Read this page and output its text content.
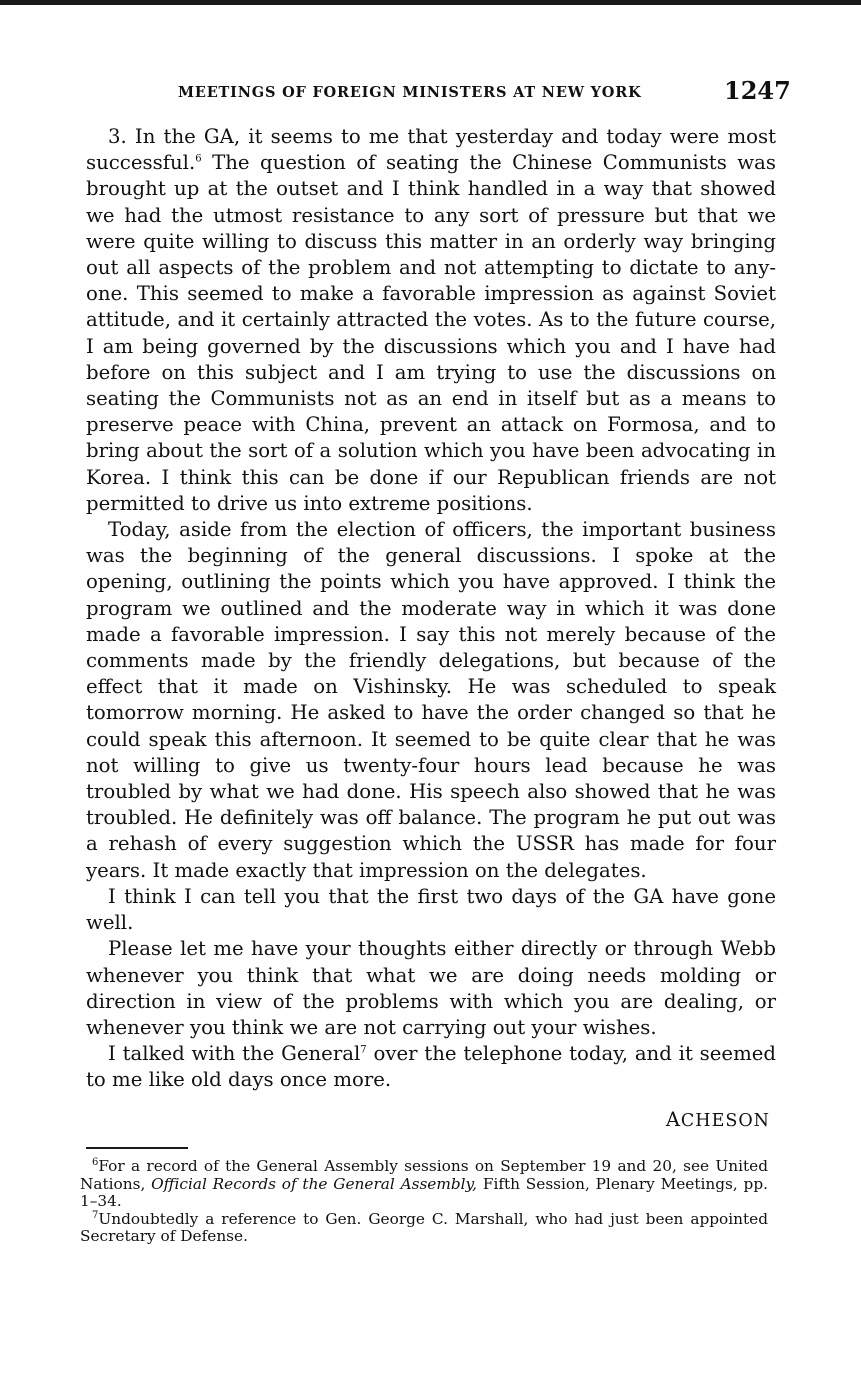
MEETINGS OF FOREIGN MINISTERS AT NEW YORK	1247

3. In the GA, it seems to me that yesterday and today were most successful.$^6$ The question of seating the Chinese Communists was brought up at the outset and I think handled in a way that showed we had the utmost resistance to any sort of pressure but that we were quite willing to discuss this matter in an orderly way bringing out all aspects of the problem and not attempting to dictate to anyone. This seemed to make a favorable impression as against Soviet attitude, and it certainly attracted the votes. As to the future course, I am being governed by the discussions which you and I have had before on this subject and I am trying to use the discussions on seating the Communists not as an end in itself but as a means to preserve peace with China, prevent an attack on Formosa, and to bring about the sort of a solution which you have been advocating in Korea. I think this can be done if our Republican friends are not permitted to drive us into extreme positions.

Today, aside from the election of officers, the important business was the beginning of the general discussions. I spoke at the opening, outlining the points which you have approved. I think the program we outlined and the moderate way in which it was done made a favorable impression. I say this not merely because of the comments made by the friendly delegations, but because of the effect that it made on Vishinsky. He was scheduled to speak tomorrow morning. He asked to have the order changed so that he could speak this afternoon. It seemed to be quite clear that he was not willing to give us twenty-four hours lead because he was troubled by what we had done. His speech also showed that he was troubled. He definitely was off balance. The program he put out was a rehash of every suggestion which the USSR has made for four years. It made exactly that impression on the delegates.

I think I can tell you that the first two days of the GA have gone well.

Please let me have your thoughts either directly or through Webb whenever you think that what we are doing needs molding or direction in view of the problems with which you are dealing, or whenever you think we are not carrying out your wishes.

I talked with the General$^7$ over the telephone today, and it seemed to me like old days once more.

ACHESON

$^6$For a record of the General Assembly sessions on September 19 and 20, see United Nations, Official Records of the General Assembly, Fifth Session, Plenary Meetings, pp. 1–34.

$^7$Undoubtedly a reference to Gen. George C. Marshall, who had just been appointed Secretary of Defense.
